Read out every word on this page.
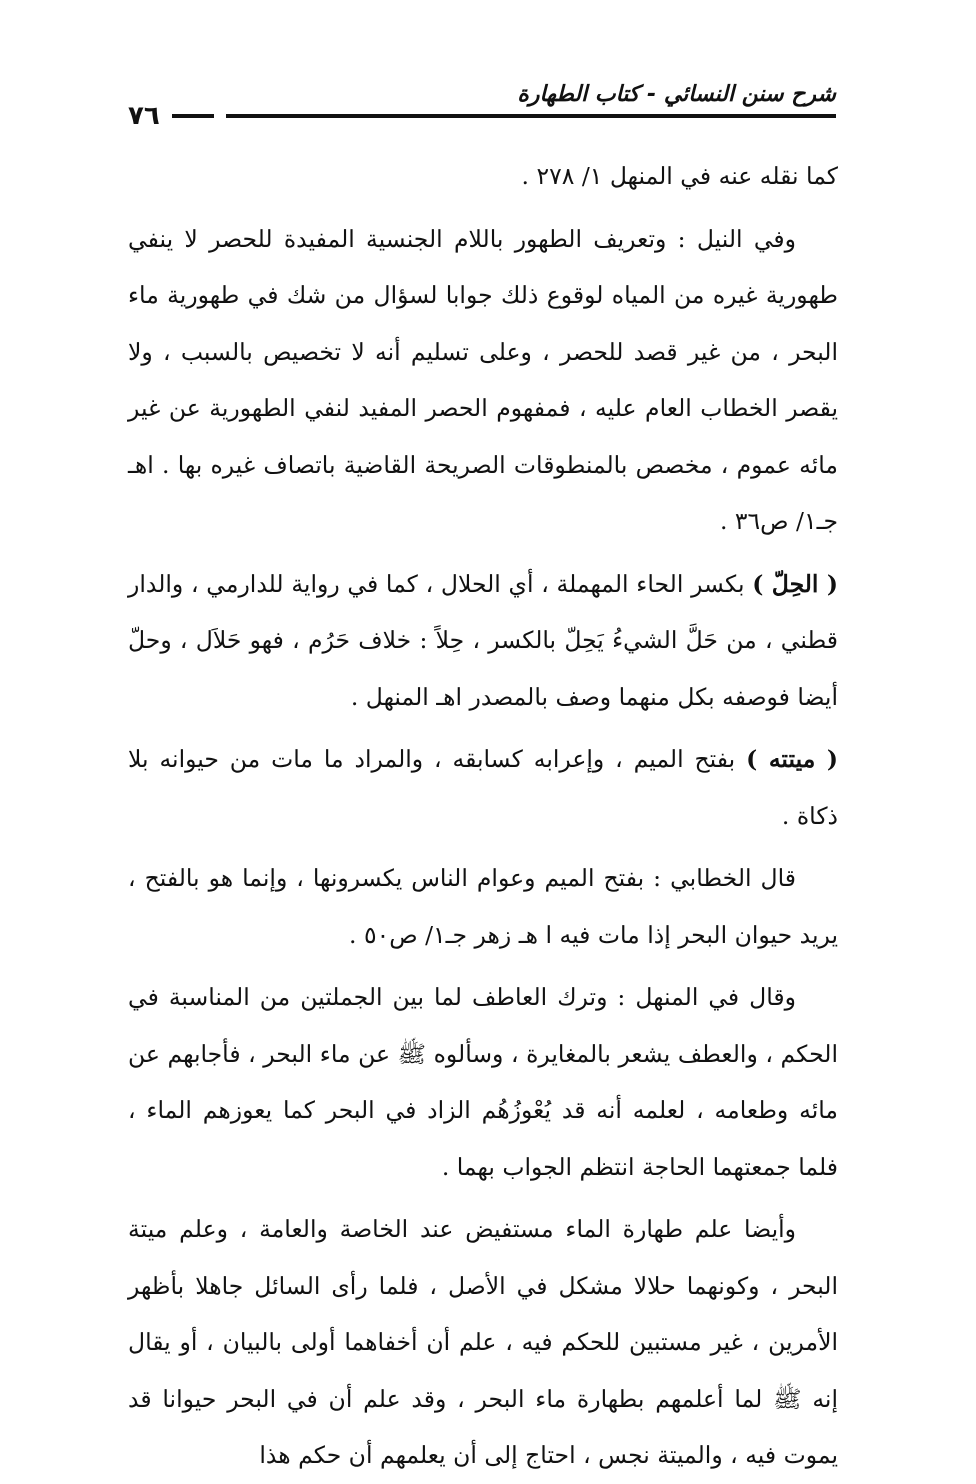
شرح سنن النسائي - كتاب الطهارة
٧٦

كما نقله عنه في المنهل ١/ ٢٧٨ .

وفي النيل : وتعريف الطهور باللام الجنسية المفيدة للحصر لا ينفي طهورية غيره من المياه لوقوع ذلك جوابا لسؤال من شك في طهورية ماء البحر ، من غير قصد للحصر ، وعلى تسليم أنه لا تخصيص بالسبب ، ولا يقصر الخطاب العام عليه ، فمفهوم الحصر المفيد لنفي الطهورية عن غير مائه عموم ، مخصص بالمنطوقات الصريحة القاضية باتصاف غيره بها . اهـ جـ١/ ص٣٦ .

( الحِلّ ) بكسر الحاء المهملة ، أي الحلال ، كما في رواية للدارمي ، والدار قطني ، من حَلَّ الشيءُ يَحِلّ بالكسر ، حِلاً : خلاف حَرُم ، فهو حَلاَل ، وحلّ أيضا فوصفه بكل منهما وصف بالمصدر اهـ المنهل .

( ميتته ) بفتح الميم ، وإعرابه كسابقه ، والمراد ما مات من حيوانه بلا ذكاة .

قال الخطابي : بفتح الميم وعوام الناس يكسرونها ، وإنما هو بالفتح ، يريد حيوان البحر إذا مات فيه ا هـ زهر جـ١/ ص٥٠ .

وقال في المنهل : وترك العاطف لما بين الجملتين من المناسبة في الحكم ، والعطف يشعر بالمغايرة ، وسألوه ﷺ عن ماء البحر ، فأجابهم عن مائه وطعامه ، لعلمه أنه قد يُعْوزُهُم الزاد في البحر كما يعوزهم الماء ، فلما جمعتهما الحاجة انتظم الجواب بهما .

وأيضا علم طهارة الماء مستفيض عند الخاصة والعامة ، وعلم ميتة البحر ، وكونهما حلالا مشكل في الأصل ، فلما رأى السائل جاهلا بأظهر الأمرين ، غير مستبين للحكم فيه ، علم أن أخفاهما أولى بالبيان ، أو يقال إنه ﷺ لما أعلمهم بطهارة ماء البحر ، وقد علم أن في البحر حيوانا قد يموت فيه ، والميتة نجس ، احتاج إلى أن يعلمهم أن حكم هذا
